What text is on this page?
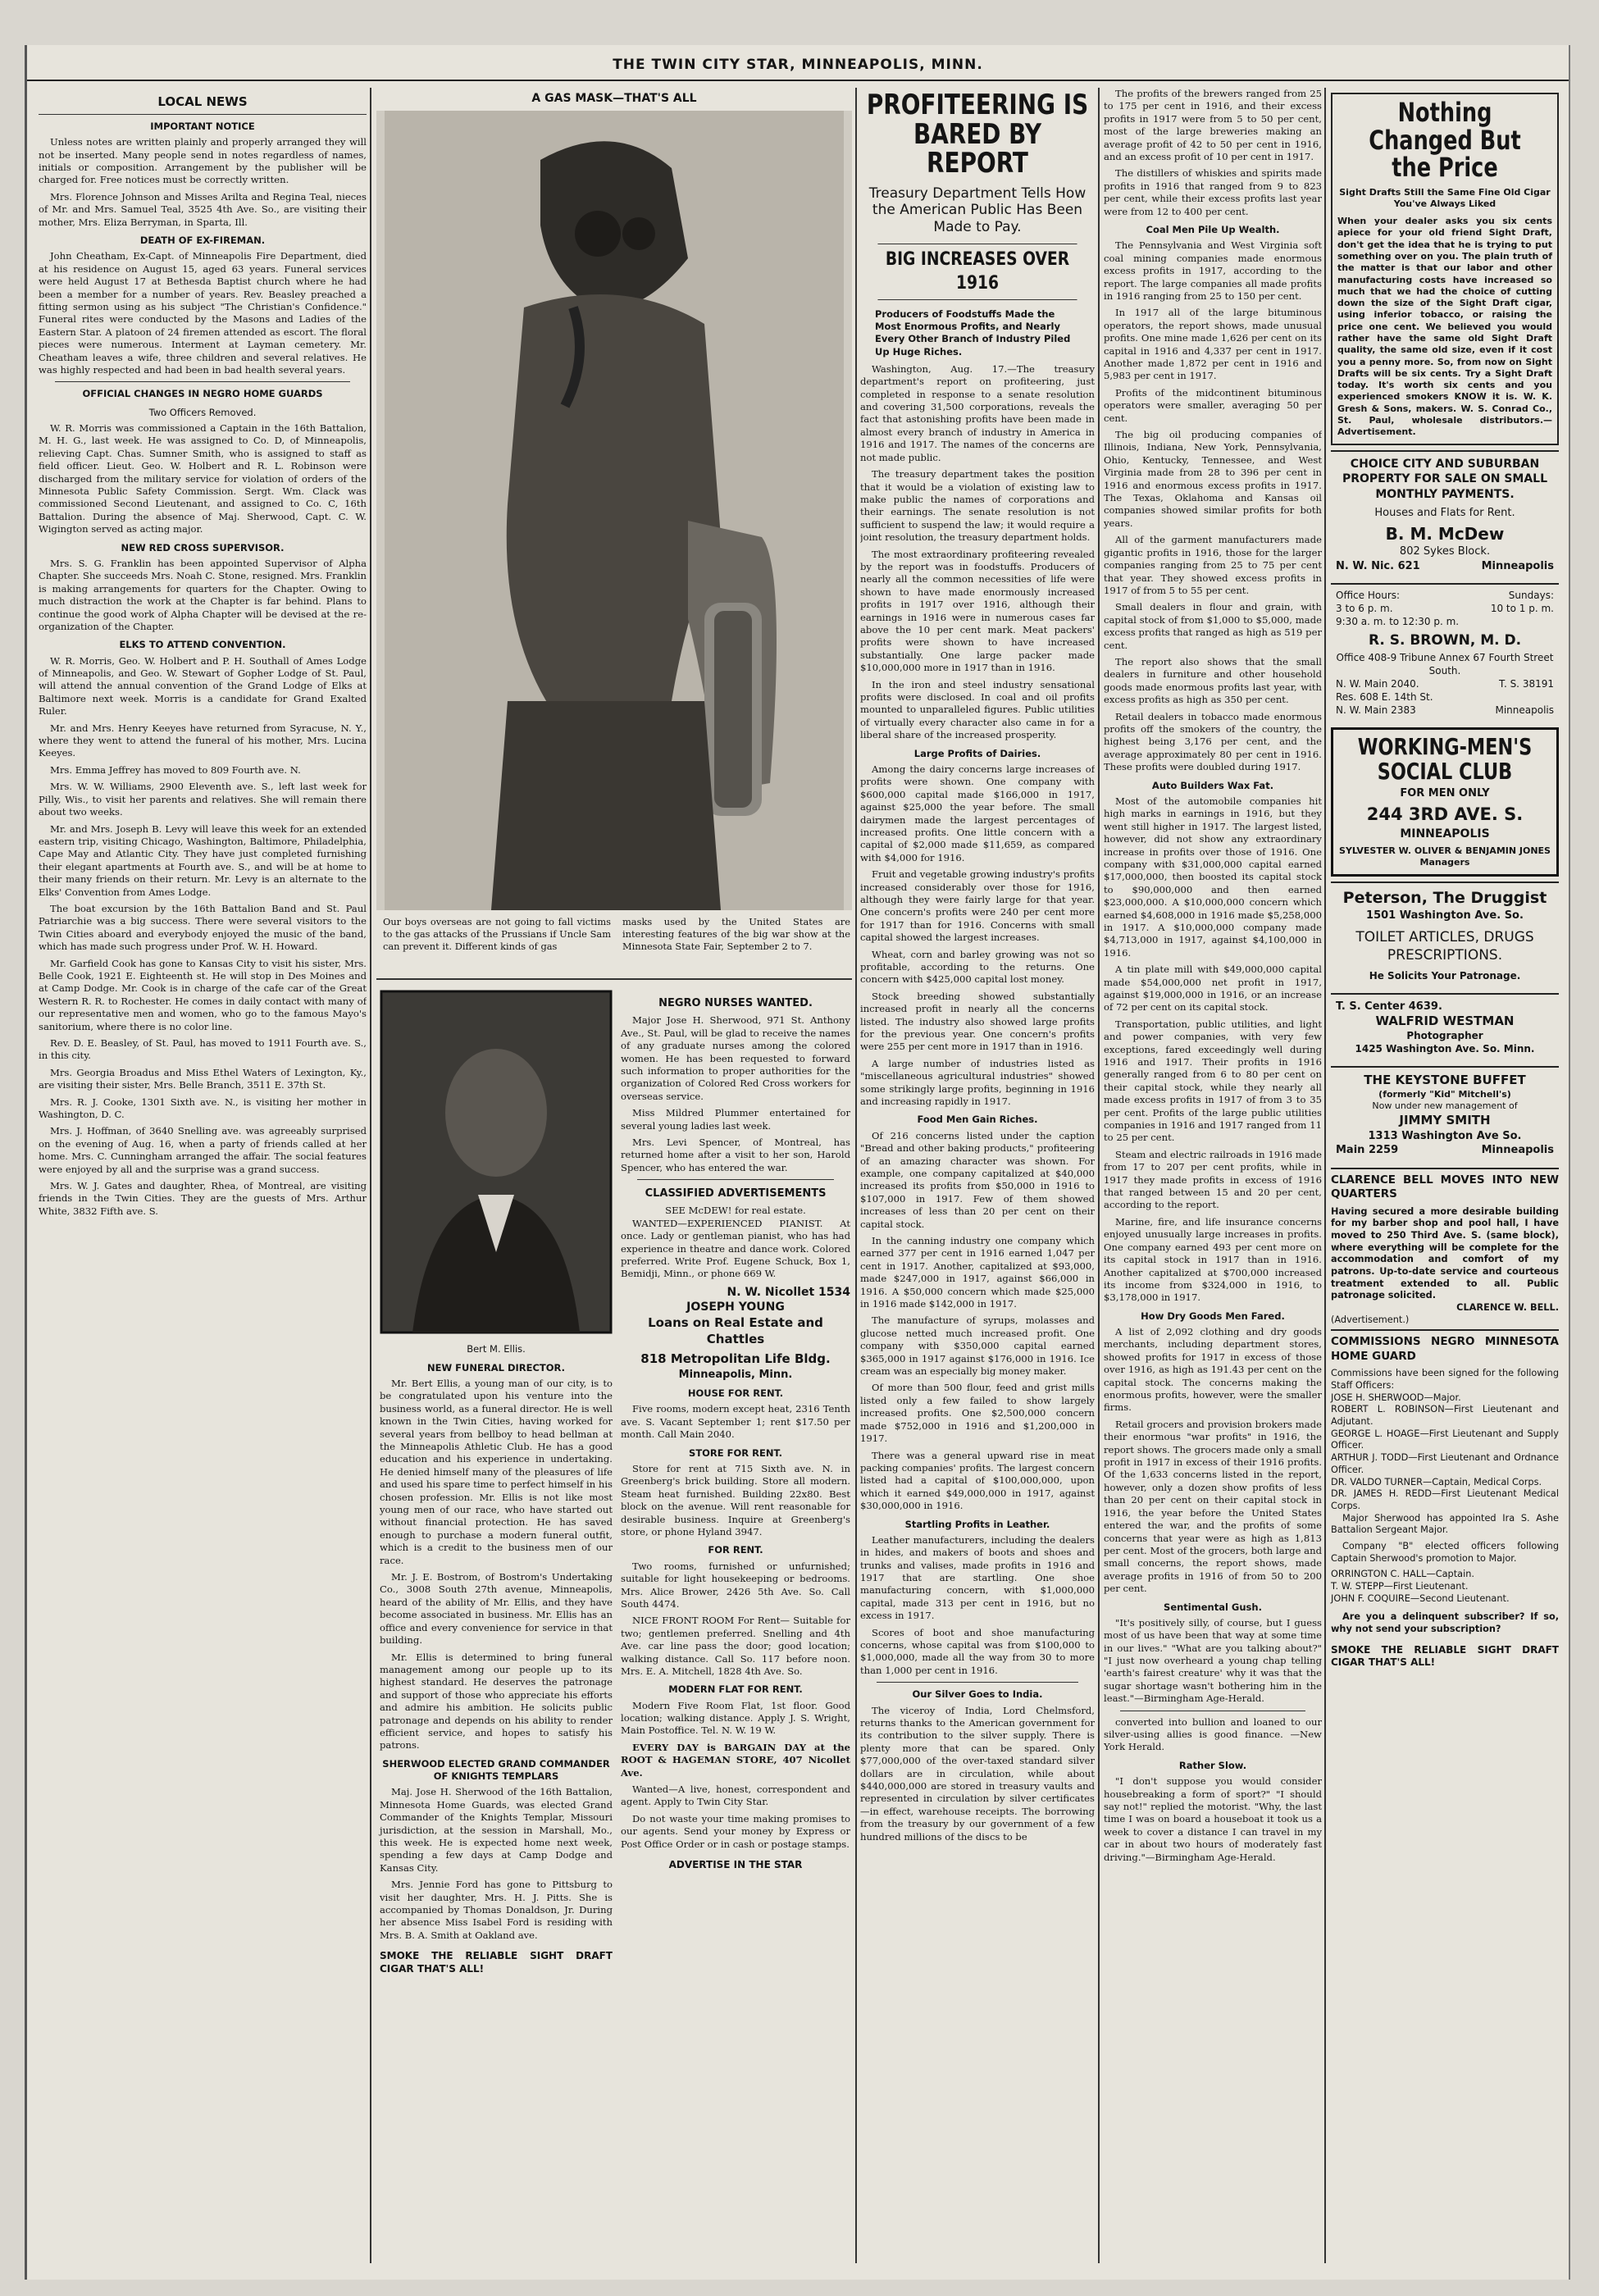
THE TWIN CITY STAR, MINNEAPOLIS, MINN.
LOCAL NEWS
IMPORTANT NOTICE

Unless notes are written plainly and properly arranged they will not be inserted. Many people send in notes regardless of names, initials or composition. Arrangement by the publisher will be charged for. Free notices must be correctly written.

Mrs. Florence Johnson and Misses Arilta and Regina Teal, nieces of Mr. and Mrs. Samuel Teal, 3525 4th Ave. So., are visiting their mother, Mrs. Eliza Berryman, in Sparta, Ill.

DEATH OF EX-FIREMAN.

John Cheatham, Ex-Capt. of Minneapolis Fire Department, died at his residence on August 15, aged 63 years. Funeral services were held August 17 at Bethesda Baptist church where he had been a member for a number of years. Rev. Beasley preached a fitting sermon using as his subject "The Christian's Confidence." Funeral rites were conducted by the Masons and Ladies of the Eastern Star. A platoon of 24 firemen attended as escort. The floral pieces were numerous. Interment at Layman cemetery. Mr. Cheatham leaves a wife, three children and several relatives. He was highly respected and had been in bad health several years.

OFFICIAL CHANGES IN NEGRO HOME GUARDS
Two Officers Removed.

W. R. Morris was commissioned a Captain in the 16th Battalion, M. H. G., last week. He was assigned to Co. D, of Minneapolis, relieving Capt. Chas. Sumner Smith, who is assigned to staff as field officer. Lieut. Geo. W. Holbert and R. L. Robinson were discharged from the military service for violation of orders of the Minnesota Public Safety Commission. Sergt. Wm. Clack was commissioned Second Lieutenant, and assigned to Co. C, 16th Battalion. During the absence of Maj. Sherwood, Capt. C. W. Wigington served as acting major.

NEW RED CROSS SUPERVISOR.

Mrs. S. G. Franklin has been appointed Supervisor of Alpha Chapter. She succeeds Mrs. Noah C. Stone, resigned. Mrs. Franklin is making arrangements for quarters for the Chapter. Owing to much distraction the work at the Chapter is far behind. Plans to continue the good work of Alpha Chapter will be devised at the re-organization of the Chapter.

ELKS TO ATTEND CONVENTION.

W. R. Morris, Geo. W. Holbert and P. H. Southall of Ames Lodge of Minneapolis, and Geo. W. Stewart of Gopher Lodge of St. Paul, will attend the annual convention of the Grand Lodge of Elks at Baltimore next week. Morris is a candidate for Grand Exalted Ruler.

Mr. and Mrs. Henry Keeyes have returned from Syracuse, N. Y., where they went to attend the funeral of his mother, Mrs. Lucina Keeyes.

Mrs. Emma Jeffrey has moved to 809 Fourth ave. N.

Mrs. W. W. Williams, 2900 Eleventh ave. S., left last week for Pilly, Wis., to visit her parents and relatives. She will remain there about two weeks.

Mr. and Mrs. Joseph B. Levy will leave this week for an extended eastern trip, visiting Chicago, Washington, Baltimore, Philadelphia, Cape May and Atlantic City. They have just completed furnishing their elegant apartments at Fourth ave. S., and will be at home to their many friends on their return. Mr. Levy is an alternate to the Elks' Convention from Ames Lodge.

The boat excursion by the 16th Battalion Band and St. Paul Patriarchie was a big success. There were several visitors to the Twin Cities aboard and everybody enjoyed the music of the band, which has made such progress under Prof. W. H. Howard.

Mr. Garfield Cook has gone to Kansas City to visit his sister, Mrs. Belle Cook, 1921 E. Eighteenth st. He will stop in Des Moines and at Camp Dodge. Mr. Cook is in charge of the cafe car of the Great Western R. R. to Rochester. He comes in daily contact with many of our representative men and women, who go to the famous Mayo's sanitorium, where there is no color line.

Rev. D. E. Beasley, of St. Paul, has moved to 1911 Fourth ave. S., in this city.

Mrs. Georgia Broadus and Miss Ethel Waters of Lexington, Ky., are visiting their sister, Mrs. Belle Branch, 3511 E. 37th St.

Mrs. R. J. Cooke, 1301 Sixth ave. N., is visiting her mother in Washington, D. C.

Mrs. J. Hoffman, of 3640 Snelling ave. was agreeably surprised on the evening of Aug. 16, when a party of friends called at her home. Mrs. C. Cunningham arranged the affair. The social features were enjoyed by all and the surprise was a grand success.

Mrs. W. J. Gates and daughter, Rhea, of Montreal, are visiting friends in the Twin Cities. They are the guests of Mrs. Arthur White, 3832 Fifth ave. S.

A GAS MASK—THAT'S ALL
Our boys overseas are not going to fall victims to the gas attacks of the Prussians if Uncle Sam can prevent it. Different kinds of gas
masks used by the United States are interesting features of the big war show at the Minnesota State Fair, September 2 to 7.
Bert M. Ellis.
NEW FUNERAL DIRECTOR.

Mr. Bert Ellis, a young man of our city, is to be congratulated upon his venture into the business world, as a funeral director. He is well known in the Twin Cities, having worked for several years from bellboy to head bellman at the Minneapolis Athletic Club. He has a good education and his experience in undertaking. He denied himself many of the pleasures of life and used his spare time to perfect himself in his chosen profession. Mr. Ellis is not like most young men of our race, who have started out without financial protection. He has saved enough to purchase a modern funeral outfit, which is a credit to the business men of our race.

Mr. J. E. Bostrom, of Bostrom's Undertaking Co., 3008 South 27th avenue, Minneapolis, heard of the ability of Mr. Ellis, and they have become associated in business. Mr. Ellis has an office and every convenience for service in that building.

Mr. Ellis is determined to bring funeral management among our people up to its highest standard. He deserves the patronage and support of those who appreciate his efforts and admire his ambition. He solicits public patronage and depends on his ability to render efficient service, and hopes to satisfy his patrons.

SHERWOOD ELECTED GRAND COMMANDER OF KNIGHTS TEMPLARS

Maj. Jose H. Sherwood of the 16th Battalion, Minnesota Home Guards, was elected Grand Commander of the Knights Templar, Missouri jurisdiction, at the session in Marshall, Mo., this week. He is expected home next week, spending a few days at Camp Dodge and Kansas City.

Mrs. Jennie Ford has gone to Pittsburg to visit her daughter, Mrs. H. J. Pitts. She is accompanied by Thomas Donaldson, Jr. During her absence Miss Isabel Ford is residing with Mrs. B. A. Smith at Oakland ave.

SMOKE THE RELIABLE SIGHT DRAFT CIGAR THAT'S ALL!
NEGRO NURSES WANTED.

Major Jose H. Sherwood, 971 St. Anthony Ave., St. Paul, will be glad to receive the names of any graduate nurses among the colored women. He has been requested to forward such information to proper authorities for the organization of Colored Red Cross workers for overseas service.

Miss Mildred Plummer entertained for several young ladies last week.

Mrs. Levi Spencer, of Montreal, has returned home after a visit to her son, Harold Spencer, who has entered the war.

CLASSIFIED ADVERTISEMENTS
SEE McDEW! for real estate.

WANTED—EXPERIENCED PIANIST. At once. Lady or gentleman pianist, who has had experience in theatre and dance work. Colored preferred. Write Prof. Eugene Schuck, Box 1, Bemidji, Minn., or phone 669 W.

N. W. Nicollet 1534
JOSEPH YOUNG
Loans on Real Estate and Chattles
818 Metropolitan Life Bldg.
Minneapolis, Minn.
HOUSE FOR RENT.

Five rooms, modern except heat, 2316 Tenth ave. S. Vacant September 1; rent $17.50 per month. Call Main 2040.

STORE FOR RENT.

Store for rent at 715 Sixth ave. N. in Greenberg's brick building. Store all modern. Steam heat furnished. Building 22x80. Best block on the avenue. Will rent reasonable for desirable business. Inquire at Greenberg's store, or phone Hyland 3947.

FOR RENT.

Two rooms, furnished or unfurnished; suitable for light housekeeping or bedrooms. Mrs. Alice Brower, 2426 5th Ave. So. Call South 4474.

NICE FRONT ROOM For Rent— Suitable for two; gentlemen preferred. Snelling and 4th Ave. car line pass the door; good location; walking distance. Call So. 117 before noon. Mrs. E. A. Mitchell, 1828 4th Ave. So.

MODERN FLAT FOR RENT.

Modern Five Room Flat, 1st floor. Good location; walking distance. Apply J. S. Wright, Main Postoffice. Tel. N. W. 19 W.

EVERY DAY is BARGAIN DAY at the ROOT & HAGEMAN STORE, 407 Nicollet Ave.

Wanted—A live, honest, correspondent and agent. Apply to Twin City Star.

Do not waste your time making promises to our agents. Send your money by Express or Post Office Order or in cash or postage stamps.

ADVERTISE IN THE STAR
PROFITEERING IS BARED BY REPORT
Treasury Department Tells How the American Public Has Been Made to Pay.
BIG INCREASES OVER 1916
Producers of Foodstuffs Made the Most Enormous Profits, and Nearly Every Other Branch of Industry Piled Up Huge Riches.

Washington, Aug. 17.—The treasury department's report on profiteering, just completed in response to a senate resolution and covering 31,500 corporations, reveals the fact that astonishing profits have been made in almost every branch of industry in America in 1916 and 1917. The names of the concerns are not made public.

The treasury department takes the position that it would be a violation of existing law to make public the names of corporations and their earnings. The senate resolution is not sufficient to suspend the law; it would require a joint resolution, the treasury department holds.

The most extraordinary profiteering revealed by the report was in foodstuffs. Producers of nearly all the common necessities of life were shown to have made enormously increased profits in 1917 over 1916, although their earnings in 1916 were in numerous cases far above the 10 per cent mark. Meat packers' profits were shown to have increased substantially. One large packer made $10,000,000 more in 1917 than in 1916.

In the iron and steel industry sensational profits were disclosed. In coal and oil profits mounted to unparalleled figures. Public utilities of virtually every character also came in for a liberal share of the increased prosperity.

Large Profits of Dairies.

Among the dairy concerns large increases of profits were shown. One company with $600,000 capital made $166,000 in 1917, against $25,000 the year before. The small dairymen made the largest percentages of increased profits. One little concern with a capital of $2,000 made $11,659, as compared with $4,000 for 1916.

Fruit and vegetable growing industry's profits increased considerably over those for 1916, although they were fairly large for that year. One concern's profits were 240 per cent more for 1917 than for 1916. Concerns with small capital showed the largest increases.

Wheat, corn and barley growing was not so profitable, according to the returns. One concern with $425,000 capital lost money.

Stock breeding showed substantially increased profit in nearly all the concerns listed. The industry also showed large profits for the previous year. One concern's profits were 255 per cent more in 1917 than in 1916.

A large number of industries listed as "miscellaneous agricultural industries" showed some strikingly large profits, beginning in 1916 and increasing rapidly in 1917.

Food Men Gain Riches.

Of 216 concerns listed under the caption "Bread and other baking products," profiteering of an amazing character was shown. For example, one company capitalized at $40,000 increased its profits from $50,000 in 1916 to $107,000 in 1917. Few of them showed increases of less than 20 per cent on their capital stock.

In the canning industry one company which earned 377 per cent in 1916 earned 1,047 per cent in 1917. Another, capitalized at $93,000, made $247,000 in 1917, against $66,000 in 1916. A $50,000 concern which made $25,000 in 1916 made $142,000 in 1917.

The manufacture of syrups, molasses and glucose netted much increased profit. One company with $350,000 capital earned $365,000 in 1917 against $176,000 in 1916. Ice cream was an especially big money maker.

Of more than 500 flour, feed and grist mills listed only a few failed to show largely increased profits. One $2,500,000 concern made $752,000 in 1916 and $1,200,000 in 1917.

There was a general upward rise in meat packing companies' profits. The largest concern listed had a capital of $100,000,000, upon which it earned $49,000,000 in 1917, against $30,000,000 in 1916.

Startling Profits in Leather.

Leather manufacturers, including the dealers in hides, and makers of boots and shoes and trunks and valises, made profits in 1916 and 1917 that are startling. One shoe manufacturing concern, with $1,000,000 capital, made 313 per cent in 1916, but no excess in 1917.

Scores of boot and shoe manufacturing concerns, whose capital was from $100,000 to $1,000,000, made all the way from 30 to more than 1,000 per cent in 1916.

Our Silver Goes to India.

The viceroy of India, Lord Chelmsford, returns thanks to the American government for its contribution to the silver supply. There is plenty more that can be spared. Only $77,000,000 of the over-taxed standard silver dollars are in circulation, while about $440,000,000 are stored in treasury vaults and represented in circulation by silver certificates—in effect, warehouse receipts. The borrowing from the treasury by our government of a few hundred millions of the discs to be

The profits of the brewers ranged from 25 to 175 per cent in 1916, and their excess profits in 1917 were from 5 to 50 per cent, most of the large breweries making an average profit of 42 to 50 per cent in 1916, and an excess profit of 10 per cent in 1917.

The distillers of whiskies and spirits made profits in 1916 that ranged from 9 to 823 per cent, while their excess profits last year were from 12 to 400 per cent.

Coal Men Pile Up Wealth.

The Pennsylvania and West Virginia soft coal mining companies made enormous excess profits in 1917, according to the report. The large companies all made profits in 1916 ranging from 25 to 150 per cent.

In 1917 all of the large bituminous operators, the report shows, made unusual profits. One mine made 1,626 per cent on its capital in 1916 and 4,337 per cent in 1917. Another made 1,872 per cent in 1916 and 5,983 per cent in 1917.

Profits of the midcontinent bituminous operators were smaller, averaging 50 per cent.

The big oil producing companies of Illinois, Indiana, New York, Pennsylvania, Ohio, Kentucky, Tennessee, and West Virginia made from 28 to 396 per cent in 1916 and enormous excess profits in 1917. The Texas, Oklahoma and Kansas oil companies showed similar profits for both years.

All of the garment manufacturers made gigantic profits in 1916, those for the larger companies ranging from 25 to 75 per cent that year. They showed excess profits in 1917 of from 5 to 55 per cent.

Small dealers in flour and grain, with capital stock of from $1,000 to $5,000, made excess profits that ranged as high as 519 per cent.

The report also shows that the small dealers in furniture and other household goods made enormous profits last year, with excess profits as high as 350 per cent.

Retail dealers in tobacco made enormous profits off the smokers of the country, the highest being 3,176 per cent, and the average approximately 80 per cent in 1916. These profits were doubled during 1917.

Auto Builders Wax Fat.

Most of the automobile companies hit high marks in earnings in 1916, but they went still higher in 1917. The largest listed, however, did not show any extraordinary increase in profits over those of 1916. One company with $31,000,000 capital earned $17,000,000, then boosted its capital stock to $90,000,000 and then earned $23,000,000. A $10,000,000 concern which earned $4,608,000 in 1916 made $5,258,000 in 1917. A $10,000,000 company made $4,713,000 in 1917, against $4,100,000 in 1916.

A tin plate mill with $49,000,000 capital made $54,000,000 net profit in 1917, against $19,000,000 in 1916, or an increase of 72 per cent on its capital stock.

Transportation, public utilities, and light and power companies, with very few exceptions, fared exceedingly well during 1916 and 1917. Their profits in 1916 generally ranged from 6 to 80 per cent on their capital stock, while they nearly all made excess profits in 1917 of from 3 to 35 per cent. Profits of the large public utilities companies in 1916 and 1917 ranged from 11 to 25 per cent.

Steam and electric railroads in 1916 made from 17 to 207 per cent profits, while in 1917 they made profits in excess of 1916 that ranged between 15 and 20 per cent, according to the report.

Marine, fire, and life insurance concerns enjoyed unusually large increases in profits. One company earned 493 per cent more on its capital stock in 1917 than in 1916. Another capitalized at $700,000 increased its income from $324,000 in 1916, to $3,178,000 in 1917.

How Dry Goods Men Fared.

A list of 2,092 clothing and dry goods merchants, including department stores, showed profits for 1917 in excess of those over 1916, as high as 191.43 per cent on the capital stock. The concerns making the enormous profits, however, were the smaller firms.

Retail grocers and provision brokers made their enormous "war profits" in 1916, the report shows. The grocers made only a small profit in 1917 in excess of their 1916 profits. Of the 1,633 concerns listed in the report, however, only a dozen show profits of less than 20 per cent on their capital stock in 1916, the year before the United States entered the war, and the profits of some concerns that year were as high as 1,813 per cent. Most of the grocers, both large and small concerns, the report shows, made average profits in 1916 of from 50 to 200 per cent.

Sentimental Gush.

"It's positively silly, of course, but I guess most of us have been that way at some time in our lives." "What are you talking about?" "I just now overheard a young chap telling 'earth's fairest creature' why it was that the sugar shortage wasn't bothering him in the least."—Birmingham Age-Herald.

converted into bullion and loaned to our silver-using allies is good finance. —New York Herald.

Rather Slow.

"I don't suppose you would consider housebreaking a form of sport?" "I should say not!" replied the motorist. "Why, the last time I was on board a houseboat it took us a week to cover a distance I can travel in my car in about two hours of moderately fast driving."—Birmingham Age-Herald.

Nothing Changed But the Price
Sight Drafts Still the Same Fine Old Cigar You've Always Liked
When your dealer asks you six cents apiece for your old friend Sight Draft, don't get the idea that he is trying to put something over on you. The plain truth of the matter is that our labor and other manufacturing costs have increased so much that we had the choice of cutting down the size of the Sight Draft cigar, using inferior tobacco, or raising the price one cent. We believed you would rather have the same old Sight Draft quality, the same old size, even if it cost you a penny more. So, from now on Sight Drafts will be six cents. Try a Sight Draft today. It's worth six cents and you experienced smokers KNOW it is. W. K. Gresh & Sons, makers. W. S. Conrad Co., St. Paul, wholesale distributors.—Advertisement.
CHOICE CITY AND SUBURBAN PROPERTY FOR SALE ON SMALL MONTHLY PAYMENTS.
Houses and Flats for Rent.
B. M. McDew
802 Sykes Block.
N. W. Nic. 621	Minneapolis
Office Hours:	Sundays:
3 to 6 p. m.	10 to 1 p. m.
9:30 a. m. to 12:30 p. m.
R. S. BROWN, M. D.
Office 408-9 Tribune Annex 67 Fourth Street South.
N. W. Main 2040.	T. S. 38191
Res. 608 E. 14th St.
N. W. Main 2383	Minneapolis
WORKING-MEN'S SOCIAL CLUB
FOR MEN ONLY
244 3RD AVE. S.
MINNEAPOLIS
SYLVESTER W. OLIVER & BENJAMIN JONES
Managers
Peterson, The Druggist
1501 Washington Ave. So.
TOILET ARTICLES, DRUGS PRESCRIPTIONS.
He Solicits Your Patronage.
T. S. Center 4639.
WALFRID WESTMAN
Photographer
1425 Washington Ave. So. Minn.
THE KEYSTONE BUFFET
(formerly "Kid" Mitchell's)
Now under new management of
JIMMY SMITH
1313 Washington Ave So.
Main 2259	Minneapolis
CLARENCE BELL MOVES INTO NEW QUARTERS
Having secured a more desirable building for my barber shop and pool hall, I have moved to 250 Third Ave. S. (same block), where everything will be complete for the accommodation and comfort of my patrons. Up-to-date service and courteous treatment extended to all. Public patronage solicited.
CLARENCE W. BELL.
(Advertisement.)
COMMISSIONS NEGRO MINNESOTA HOME GUARD
Commissions have been signed for the following Staff Officers:
JOSE H. SHERWOOD—Major.
ROBERT L. ROBINSON—First Lieutenant and Adjutant.
GEORGE L. HOAGE—First Lieutenant and Supply Officer.
ARTHUR J. TODD—First Lieutenant and Ordnance Officer.
DR. VALDO TURNER—Captain, Medical Corps.
DR. JAMES H. REDD—First Lieutenant Medical Corps.

Major Sherwood has appointed Ira S. Ashe Battalion Sergeant Major.

Company "B" elected officers following Captain Sherwood's promotion to Major.

ORRINGTON C. HALL—Captain.
T. W. STEPP—First Lieutenant.
JOHN F. COQUIRE—Second Lieutenant.

Are you a delinquent subscriber? If so, why not send your subscription?

SMOKE THE RELIABLE SIGHT DRAFT CIGAR THAT'S ALL!
